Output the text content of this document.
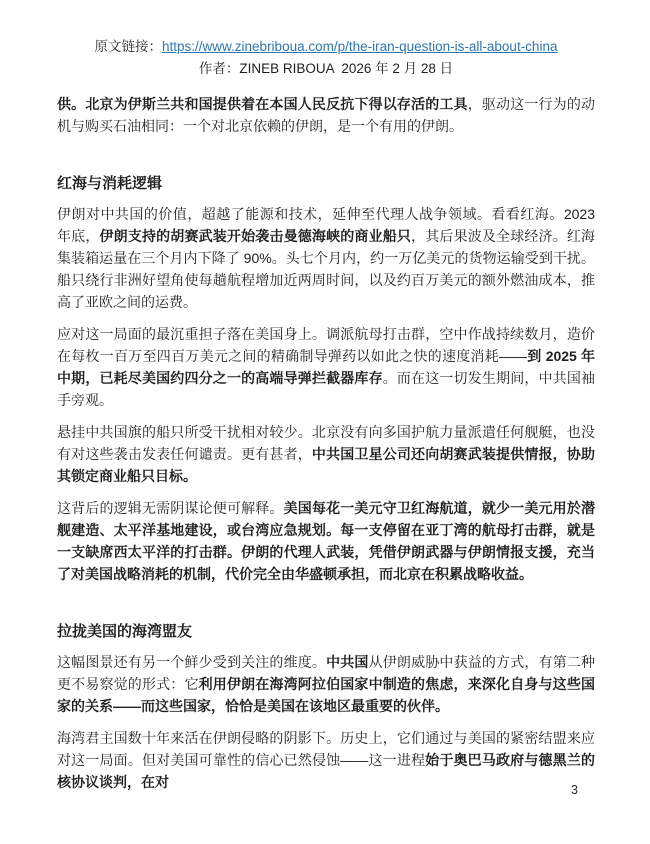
原文链接：https://www.zinebriboua.com/p/the-iran-question-is-all-about-china
作者：ZINEB RIBOUA  2026 年 2 月 28 日

供。北京为伊斯兰共和国提供着在本国人民反抗下得以存活的工具，驱动这一行为的动机与购买石油相同：一个对北京依赖的伊朗，是一个有用的伊朗。

红海与消耗逻辑

伊朗对中共国的价值，超越了能源和技术，延伸至代理人战争领域。看看红海。2023 年底，伊朗支持的胡赛武装开始袭击曼德海峡的商业船只，其后果波及全球经济。红海集装箱运量在三个月内下降了 90%。头七个月内，约一万亿美元的货物运输受到干扰。船只绕行非洲好望角使每趟航程增加近两周时间，以及约百万美元的额外燃油成本，推高了亚欧之间的运费。

应对这一局面的最沉重担子落在美国身上。调派航母打击群，空中作战持续数月，造价在每枚一百万至四百万美元之间的精确制导弹药以如此之快的速度消耗——到 2025 年中期，已耗尽美国约四分之一的高端导弹拦截器库存。而在这一切发生期间，中共国袖手旁观。

悬挂中共国旗的船只所受干扰相对较少。北京没有向多国护航力量派遣任何舰艇，也没有对这些袭击发表任何谴责。更有甚者，中共国卫星公司还向胡赛武装提供情报，协助其锁定商业船只目标。

这背后的逻辑无需阴谋论便可解释。美国每花一美元守卫红海航道，就少一美元用於潜舰建造、太平洋基地建设，或台湾应急规划。每一支停留在亚丁湾的航母打击群，就是一支缺席西太平洋的打击群。伊朗的代理人武装，凭借伊朗武器与伊朗情报支援，充当了对美国战略消耗的机制，代价完全由华盛顿承担，而北京在积累战略收益。

拉拢美国的海湾盟友

这幅图景还有另一个鲜少受到关注的维度。中共国从伊朗威胁中获益的方式，有第二种更不易察觉的形式：它利用伊朗在海湾阿拉伯国家中制造的焦虑，来深化自身与这些国家的关系——而这些国家，恰恰是美国在该地区最重要的伙伴。

海湾君主国数十年来活在伊朗侵略的阴影下。历史上，它们通过与美国的紧密结盟来应对这一局面。但对美国可靠性的信心已然侵蚀——这一进程始于奥巴马政府与德黑兰的核协议谈判，在对	3
